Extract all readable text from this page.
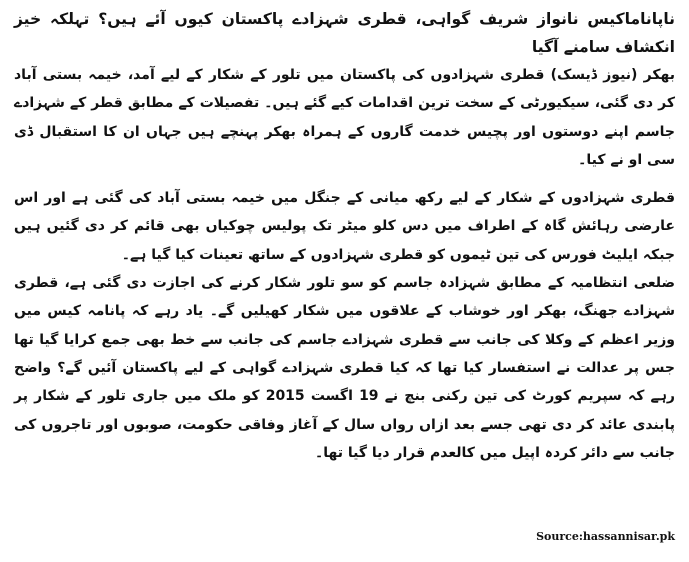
ناپاناماکیس نانواز شریف گواہی، قطری شہزادے پاکستان کیوں آئے ہیں؟ تہلکہ خیز انکشاف سامنے آگیا

بھکر (نیوز ڈیسک) قطری شہزادوں کی پاکستان میں تلور کے شکار کے لیے آمد، خیمہ بستی آباد کر دی گئی، سیکیورٹی کے سخت ترین اقدامات کیے گئے ہیں۔ تفصیلات کے مطابق قطر کے شہزادے جاسم اپنے دوستوں اور پچیس خدمت گاروں کے ہمراہ بھکر پہنچے ہیں جہاں ان کا استقبال ڈی سی او نے کیا۔

قطری شہزادوں کے شکار کے لیے رکھ میانی کے جنگل میں خیمہ بستی آباد کی گئی ہے اور اس عارضی رہائش گاہ کے اطراف میں دس کلو میٹر تک پولیس چوکیاں بھی قائم کر دی گئیں ہیں جبکہ ایلیٹ فورس کی تین ٹیموں کو قطری شہزادوں کے ساتھ تعینات کیا گیا ہے۔

ضلعی انتظامیہ کے مطابق شہزادہ جاسم کو سو تلور شکار کرنے کی اجازت دی گئی ہے، قطری شہزادے جھنگ، بھکر اور خوشاب کے علاقوں میں شکار کھیلیں گے۔ یاد رہے کہ پانامہ کیس میں وزیر اعظم کے وکلا کی جانب سے قطری شہزادے جاسم کی جانب سے خط بھی جمع کرایا گیا تھا جس پر عدالت نے استفسار کیا تھا کہ کیا قطری شہزادے گواہی کے لیے پاکستان آئیں گے؟ واضح رہے کہ سپریم کورٹ کی تین رکنی بنچ نے 19 اگست 2015 کو ملک میں جاری تلور کے شکار پر پابندی عائد کر دی تھی جسے بعد ازاں رواں سال کے آغاز وفاقی حکومت، صوبوں اور تاجروں کی جانب سے دائر کردہ اپیل میں کالعدم قرار دیا گیا تھا۔

Source:hassannisar.pk
